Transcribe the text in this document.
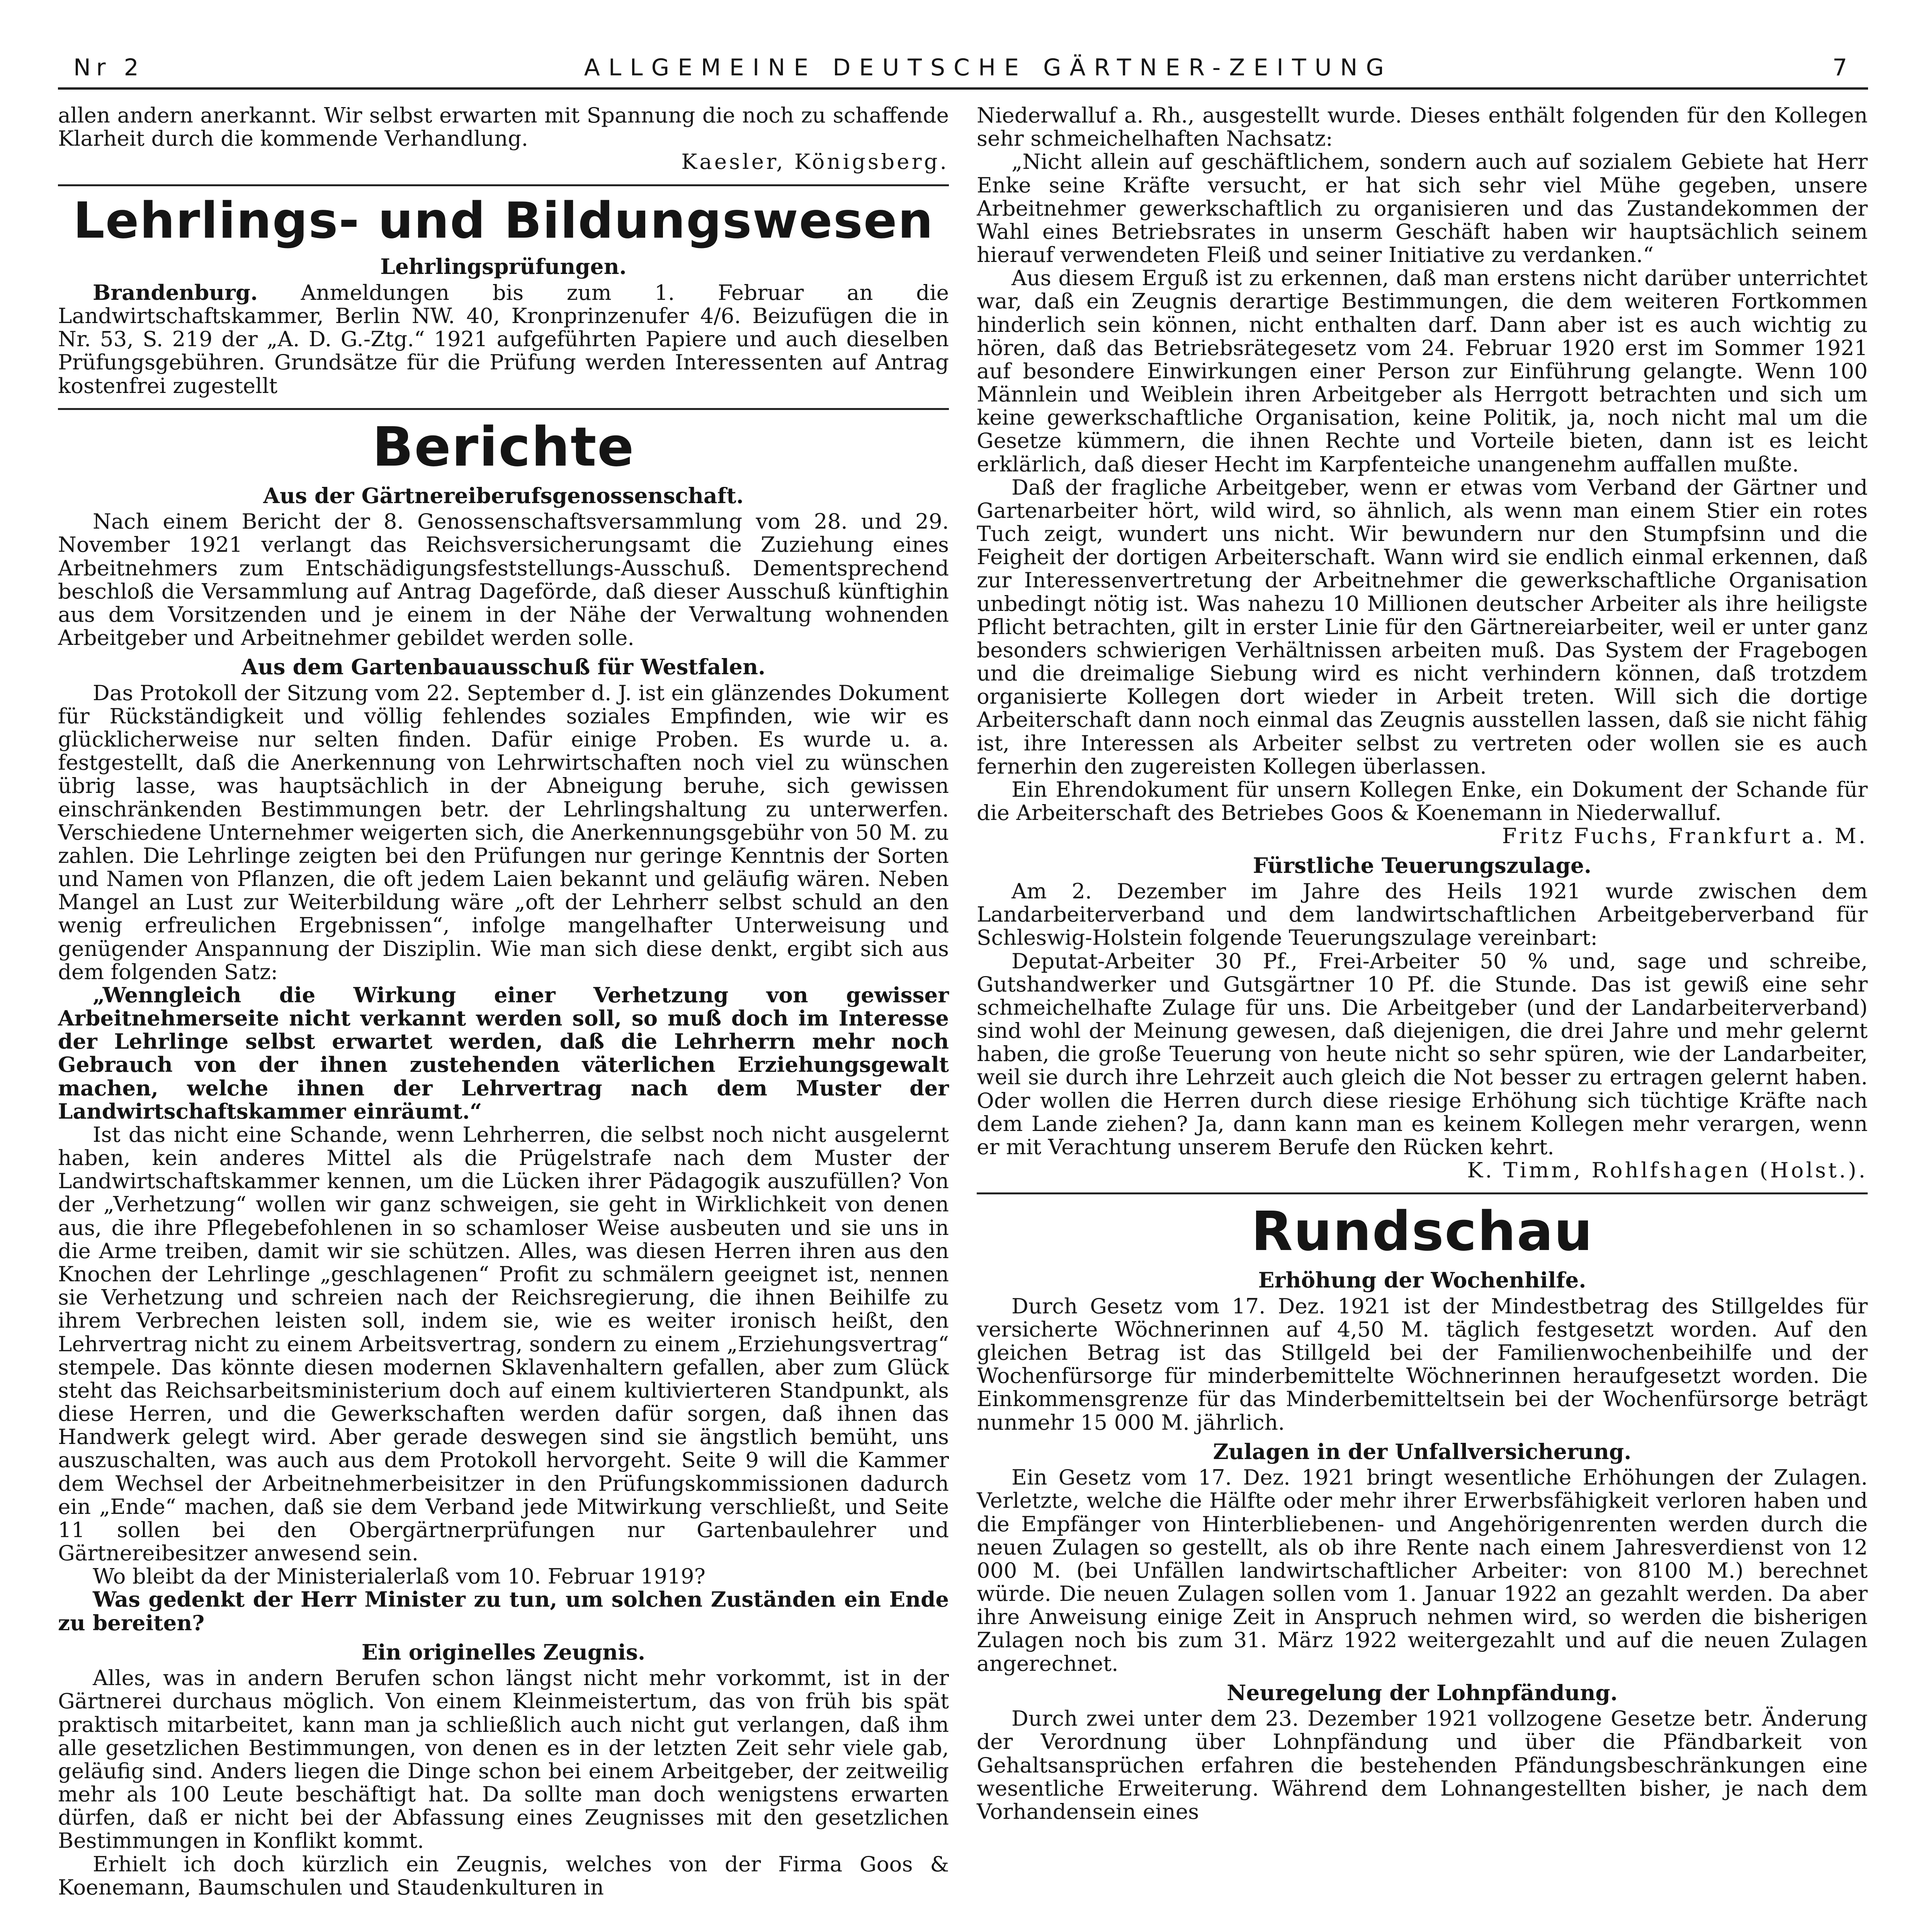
Nr 2	ALLGEMEINE DEUTSCHE GÄRTNER-ZEITUNG	7

allen andern anerkannt. Wir selbst erwarten mit Spannung die noch zu schaffende Klarheit durch die kommende Verhandlung.

Kaesler, Königsberg.
Lehrlings- und Bildungswesen
Lehrlingsprüfungen.

Brandenburg. Anmeldungen bis zum 1. Februar an die Landwirtschaftskammer, Berlin NW. 40, Kronprinzenufer 4/6. Beizufügen die in Nr. 53, S. 219 der „A. D. G.-Ztg.“ 1921 aufgeführten Papiere und auch dieselben Prüfungsgebühren. Grundsätze für die Prüfung werden Interessenten auf Antrag kostenfrei zugestellt

Berichte
Aus der Gärtnereiberufsgenossenschaft.

Nach einem Bericht der 8. Genossenschaftsversammlung vom 28. und 29. November 1921 verlangt das Reichsversicherungsamt die Zuziehung eines Arbeitnehmers zum Entschädigungsfeststellungs-Ausschuß. Dementsprechend beschloß die Versammlung auf Antrag Dageförde, daß dieser Ausschuß künftighin aus dem Vorsitzenden und je einem in der Nähe der Verwaltung wohnenden Arbeitgeber und Arbeitnehmer gebildet werden solle.

Aus dem Gartenbauausschuß für Westfalen.

Das Protokoll der Sitzung vom 22. September d. J. ist ein glänzendes Dokument für Rückständigkeit und völlig fehlendes soziales Empfinden, wie wir es glücklicherweise nur selten finden. Dafür einige Proben. Es wurde u. a. festgestellt, daß die Anerkennung von Lehrwirtschaften noch viel zu wünschen übrig lasse, was hauptsächlich in der Abneigung beruhe, sich gewissen einschränkenden Bestimmungen betr. der Lehrlingshaltung zu unterwerfen. Verschiedene Unternehmer weigerten sich, die Anerkennungsgebühr von 50 M. zu zahlen. Die Lehrlinge zeigten bei den Prüfungen nur geringe Kenntnis der Sorten und Namen von Pflanzen, die oft jedem Laien bekannt und geläufig wären. Neben Mangel an Lust zur Weiterbildung wäre „oft der Lehrherr selbst schuld an den wenig erfreulichen Ergebnissen“, infolge mangelhafter Unterweisung und genügender Anspannung der Disziplin. Wie man sich diese denkt, ergibt sich aus dem folgenden Satz:

„Wenngleich die Wirkung einer Verhetzung von gewisser Arbeitnehmerseite nicht verkannt werden soll, so muß doch im Interesse der Lehrlinge selbst erwartet werden, daß die Lehrherrn mehr noch Gebrauch von der ihnen zustehenden väterlichen Erziehungsgewalt machen, welche ihnen der Lehrvertrag nach dem Muster der Landwirtschaftskammer einräumt.“

Ist das nicht eine Schande, wenn Lehrherren, die selbst noch nicht ausgelernt haben, kein anderes Mittel als die Prügelstrafe nach dem Muster der Landwirtschaftskammer kennen, um die Lücken ihrer Pädagogik auszufüllen? Von der „Verhetzung“ wollen wir ganz schweigen, sie geht in Wirklichkeit von denen aus, die ihre Pflegebefohlenen in so schamloser Weise ausbeuten und sie uns in die Arme treiben, damit wir sie schützen. Alles, was diesen Herren ihren aus den Knochen der Lehrlinge „geschlagenen“ Profit zu schmälern geeignet ist, nennen sie Verhetzung und schreien nach der Reichsregierung, die ihnen Beihilfe zu ihrem Verbrechen leisten soll, indem sie, wie es weiter ironisch heißt, den Lehrvertrag nicht zu einem Arbeitsvertrag, sondern zu einem „Erziehungsvertrag“ stempele. Das könnte diesen modernen Sklavenhaltern gefallen, aber zum Glück steht das Reichsarbeitsministerium doch auf einem kultivierteren Standpunkt, als diese Herren, und die Gewerkschaften werden dafür sorgen, daß ihnen das Handwerk gelegt wird. Aber gerade deswegen sind sie ängstlich bemüht, uns auszuschalten, was auch aus dem Protokoll hervorgeht. Seite 9 will die Kammer dem Wechsel der Arbeitnehmerbeisitzer in den Prüfungskommissionen dadurch ein „Ende“ machen, daß sie dem Verband jede Mitwirkung verschließt, und Seite 11 sollen bei den Obergärtnerprüfungen nur Gartenbaulehrer und Gärtnereibesitzer anwesend sein.

Wo bleibt da der Ministerialerlaß vom 10. Februar 1919?

Was gedenkt der Herr Minister zu tun, um solchen Zuständen ein Ende zu bereiten?

Ein originelles Zeugnis.

Alles, was in andern Berufen schon längst nicht mehr vorkommt, ist in der Gärtnerei durchaus möglich. Von einem Kleinmeistertum, das von früh bis spät praktisch mitarbeitet, kann man ja schließlich auch nicht gut verlangen, daß ihm alle gesetzlichen Bestimmungen, von denen es in der letzten Zeit sehr viele gab, geläufig sind. Anders liegen die Dinge schon bei einem Arbeitgeber, der zeitweilig mehr als 100 Leute beschäftigt hat. Da sollte man doch wenigstens erwarten dürfen, daß er nicht bei der Abfassung eines Zeugnisses mit den gesetzlichen Bestimmungen in Konflikt kommt.

Erhielt ich doch kürzlich ein Zeugnis, welches von der Firma Goos & Koenemann, Baumschulen und Staudenkulturen in

Niederwalluf a. Rh., ausgestellt wurde. Dieses enthält folgenden für den Kollegen sehr schmeichelhaften Nachsatz:

„Nicht allein auf geschäftlichem, sondern auch auf sozialem Gebiete hat Herr Enke seine Kräfte versucht, er hat sich sehr viel Mühe gegeben, unsere Arbeitnehmer gewerkschaftlich zu organisieren und das Zustandekommen der Wahl eines Betriebsrates in unserm Geschäft haben wir hauptsächlich seinem hierauf verwendeten Fleiß und seiner Initiative zu verdanken.“

Aus diesem Erguß ist zu erkennen, daß man erstens nicht darüber unterrichtet war, daß ein Zeugnis derartige Bestimmungen, die dem weiteren Fortkommen hinderlich sein können, nicht enthalten darf. Dann aber ist es auch wichtig zu hören, daß das Betriebsrätegesetz vom 24. Februar 1920 erst im Sommer 1921 auf besondere Einwirkungen einer Person zur Einführung gelangte. Wenn 100 Männlein und Weiblein ihren Arbeitgeber als Herrgott betrachten und sich um keine gewerkschaftliche Organisation, keine Politik, ja, noch nicht mal um die Gesetze kümmern, die ihnen Rechte und Vorteile bieten, dann ist es leicht erklärlich, daß dieser Hecht im Karpfenteiche unangenehm auffallen mußte.

Daß der fragliche Arbeitgeber, wenn er etwas vom Verband der Gärtner und Gartenarbeiter hört, wild wird, so ähnlich, als wenn man einem Stier ein rotes Tuch zeigt, wundert uns nicht. Wir bewundern nur den Stumpfsinn und die Feigheit der dortigen Arbeiterschaft. Wann wird sie endlich einmal erkennen, daß zur Interessenvertretung der Arbeitnehmer die gewerkschaftliche Organisation unbedingt nötig ist. Was nahezu 10 Millionen deutscher Arbeiter als ihre heiligste Pflicht betrachten, gilt in erster Linie für den Gärtnereiarbeiter, weil er unter ganz besonders schwierigen Verhältnissen arbeiten muß. Das System der Fragebogen und die dreimalige Siebung wird es nicht verhindern können, daß trotzdem organisierte Kollegen dort wieder in Arbeit treten. Will sich die dortige Arbeiterschaft dann noch einmal das Zeugnis ausstellen lassen, daß sie nicht fähig ist, ihre Interessen als Arbeiter selbst zu vertreten oder wollen sie es auch fernerhin den zugereisten Kollegen überlassen.

Ein Ehrendokument für unsern Kollegen Enke, ein Dokument der Schande für die Arbeiterschaft des Betriebes Goos & Koenemann in Niederwalluf.

Fritz Fuchs, Frankfurt a. M.
Fürstliche Teuerungszulage.

Am 2. Dezember im Jahre des Heils 1921 wurde zwischen dem Landarbeiterverband und dem landwirtschaftlichen Arbeitgeberverband für Schleswig-Holstein folgende Teuerungszulage vereinbart:

Deputat-Arbeiter 30 Pf., Frei-Arbeiter 50 % und, sage und schreibe, Gutshandwerker und Gutsgärtner 10 Pf. die Stunde. Das ist gewiß eine sehr schmeichelhafte Zulage für uns. Die Arbeitgeber (und der Landarbeiterverband) sind wohl der Meinung gewesen, daß diejenigen, die drei Jahre und mehr gelernt haben, die große Teuerung von heute nicht so sehr spüren, wie der Landarbeiter, weil sie durch ihre Lehrzeit auch gleich die Not besser zu ertragen gelernt haben. Oder wollen die Herren durch diese riesige Erhöhung sich tüchtige Kräfte nach dem Lande ziehen? Ja, dann kann man es keinem Kollegen mehr verargen, wenn er mit Verachtung unserem Berufe den Rücken kehrt.

K. Timm, Rohlfshagen (Holst.).
Rundschau
Erhöhung der Wochenhilfe.

Durch Gesetz vom 17. Dez. 1921 ist der Mindestbetrag des Stillgeldes für versicherte Wöchnerinnen auf 4,50 M. täglich festgesetzt worden. Auf den gleichen Betrag ist das Stillgeld bei der Familienwochenbeihilfe und der Wochenfürsorge für minderbemittelte Wöchnerinnen heraufgesetzt worden. Die Einkommensgrenze für das Minderbemitteltsein bei der Wochenfürsorge beträgt nunmehr 15 000 M. jährlich.

Zulagen in der Unfallversicherung.

Ein Gesetz vom 17. Dez. 1921 bringt wesentliche Erhöhungen der Zulagen. Verletzte, welche die Hälfte oder mehr ihrer Erwerbsfähigkeit verloren haben und die Empfänger von Hinterbliebenen- und Angehörigenrenten werden durch die neuen Zulagen so gestellt, als ob ihre Rente nach einem Jahresverdienst von 12 000 M. (bei Unfällen landwirtschaftlicher Arbeiter: von 8100 M.) berechnet würde. Die neuen Zulagen sollen vom 1. Januar 1922 an gezahlt werden. Da aber ihre Anweisung einige Zeit in Anspruch nehmen wird, so werden die bisherigen Zulagen noch bis zum 31. März 1922 weitergezahlt und auf die neuen Zulagen angerechnet.

Neuregelung der Lohnpfändung.

Durch zwei unter dem 23. Dezember 1921 vollzogene Gesetze betr. Änderung der Verordnung über Lohnpfändung und über die Pfändbarkeit von Gehaltsansprüchen erfahren die bestehenden Pfändungsbeschränkungen eine wesentliche Erweiterung. Während dem Lohnangestellten bisher, je nach dem Vorhandensein eines
